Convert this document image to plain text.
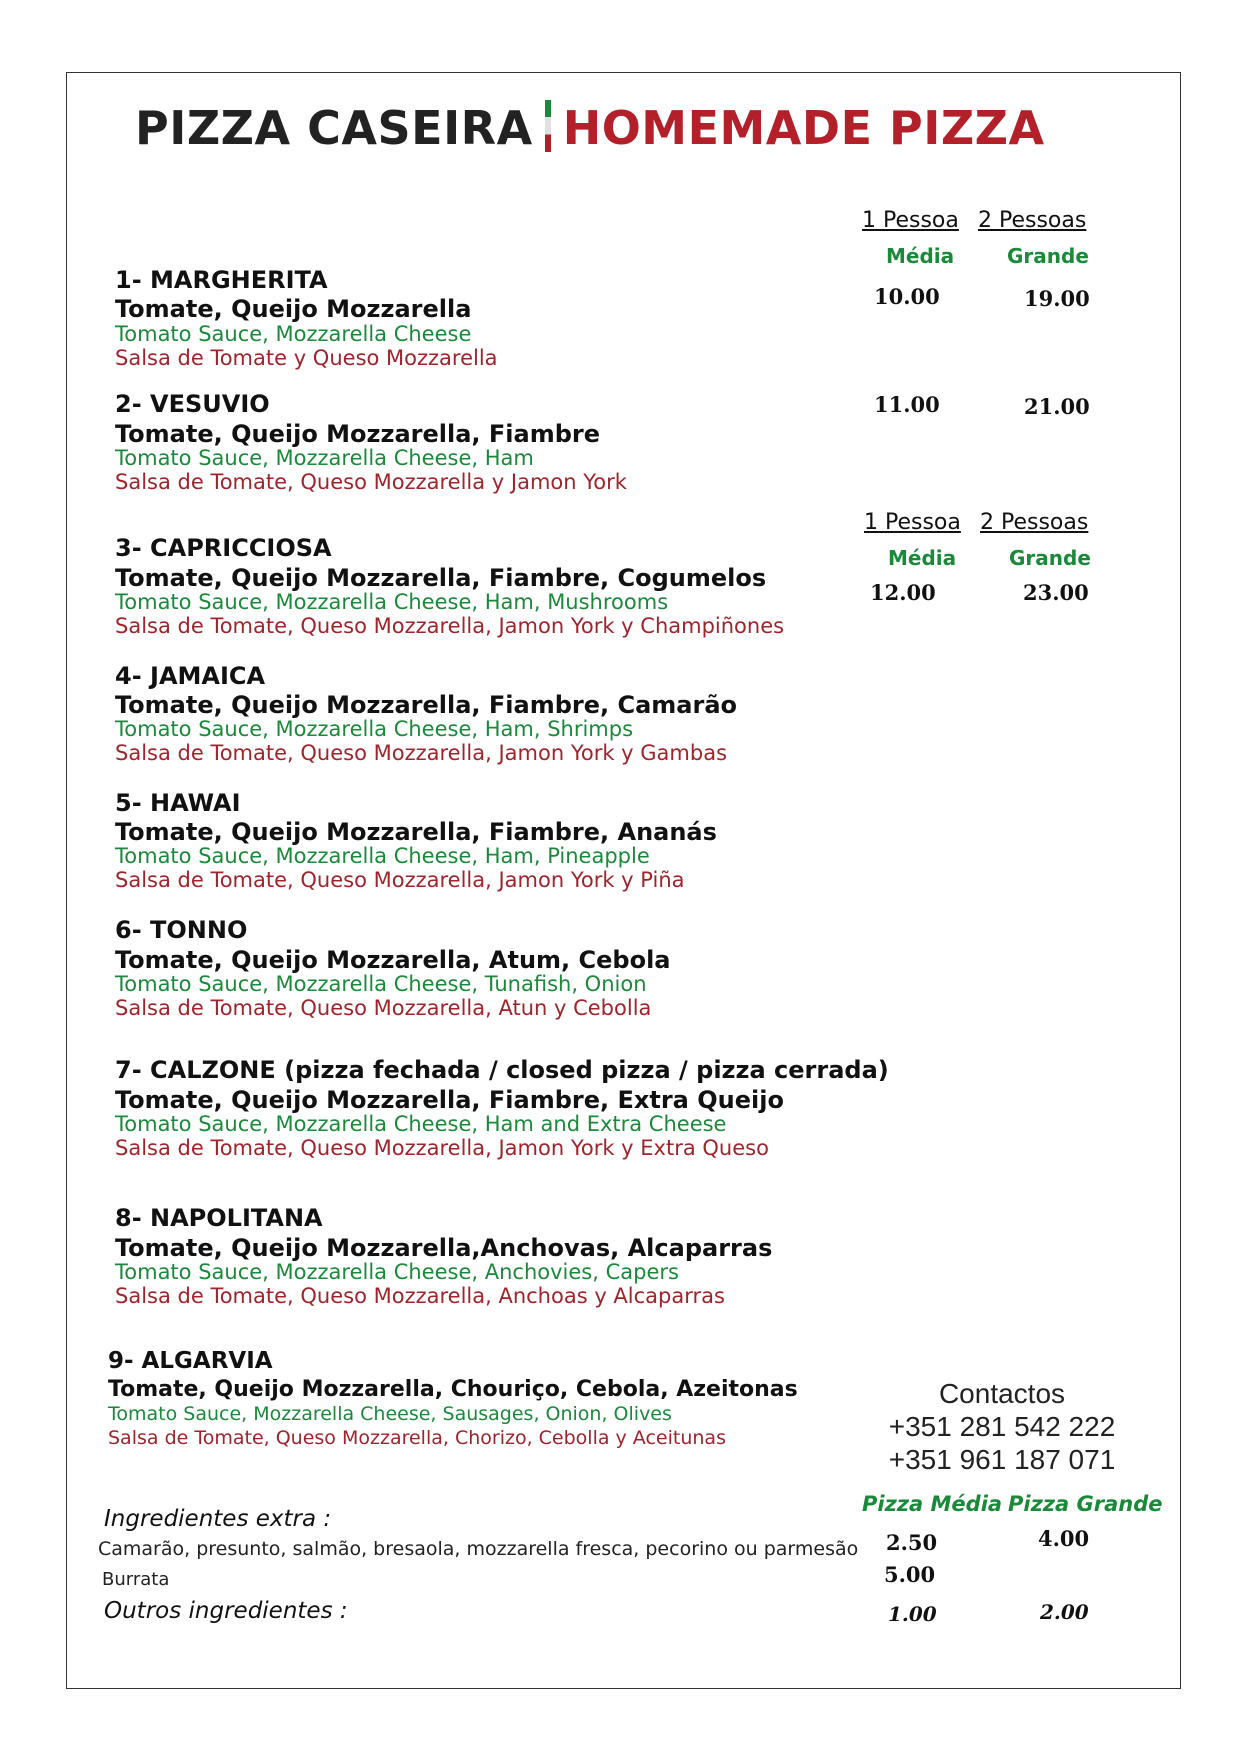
PIZZA CASEIRA HOMEMADE PIZZA
1 Pessoa 2 Pessoas
Média	Grande
1- MARGHERITA
Tomate, Queijo Mozzarella
Tomato Sauce, Mozzarella Cheese
Salsa de Tomate y Queso Mozzarella
10.00	19.00
2- VESUVIO
Tomate, Queijo Mozzarella, Fiambre
Tomato Sauce, Mozzarella Cheese, Ham
Salsa de Tomate, Queso Mozzarella y Jamon York
11.00	21.00
1 Pessoa 2 Pessoas
Média	Grande
3- CAPRICCIOSA
Tomate, Queijo Mozzarella, Fiambre, Cogumelos
Tomato Sauce, Mozzarella Cheese, Ham, Mushrooms
Salsa de Tomate, Queso Mozzarella, Jamon York y Champiñones
12.00	23.00
4- JAMAICA
Tomate, Queijo Mozzarella, Fiambre, Camarão
Tomato Sauce, Mozzarella Cheese, Ham, Shrimps
Salsa de Tomate, Queso Mozzarella, Jamon York y Gambas
5- HAWAI
Tomate, Queijo Mozzarella, Fiambre, Ananás
Tomato Sauce, Mozzarella Cheese, Ham, Pineapple
Salsa de Tomate, Queso Mozzarella, Jamon York y Piña
6- TONNO
Tomate, Queijo Mozzarella, Atum, Cebola
Tomato Sauce, Mozzarella Cheese, Tunafish, Onion
Salsa de Tomate, Queso Mozzarella, Atun y Cebolla
7- CALZONE (pizza fechada / closed pizza / pizza cerrada)
Tomate, Queijo Mozzarella, Fiambre, Extra Queijo
Tomato Sauce, Mozzarella Cheese, Ham and Extra Cheese
Salsa de Tomate, Queso Mozzarella, Jamon York y Extra Queso
8- NAPOLITANA
Tomate, Queijo Mozzarella,Anchovas, Alcaparras
Tomato Sauce, Mozzarella Cheese, Anchovies, Capers
Salsa de Tomate, Queso Mozzarella, Anchoas y Alcaparras
9- ALGARVIA
Tomate, Queijo Mozzarella, Chouriço, Cebola, Azeitonas
Tomato Sauce, Mozzarella Cheese, Sausages, Onion, Olives
Salsa de Tomate, Queso Mozzarella, Chorizo, Cebolla y Aceitunas
Contactos
+351 281 542 222
+351 961 187 071
Pizza Média Pizza Grande
Ingredientes extra :
Camarão, presunto, salmão, bresaola, mozzarella fresca, pecorino ou parmesão 2.50	4.00
Burrata	5.00
Outros ingredientes :	1.00	2.00
